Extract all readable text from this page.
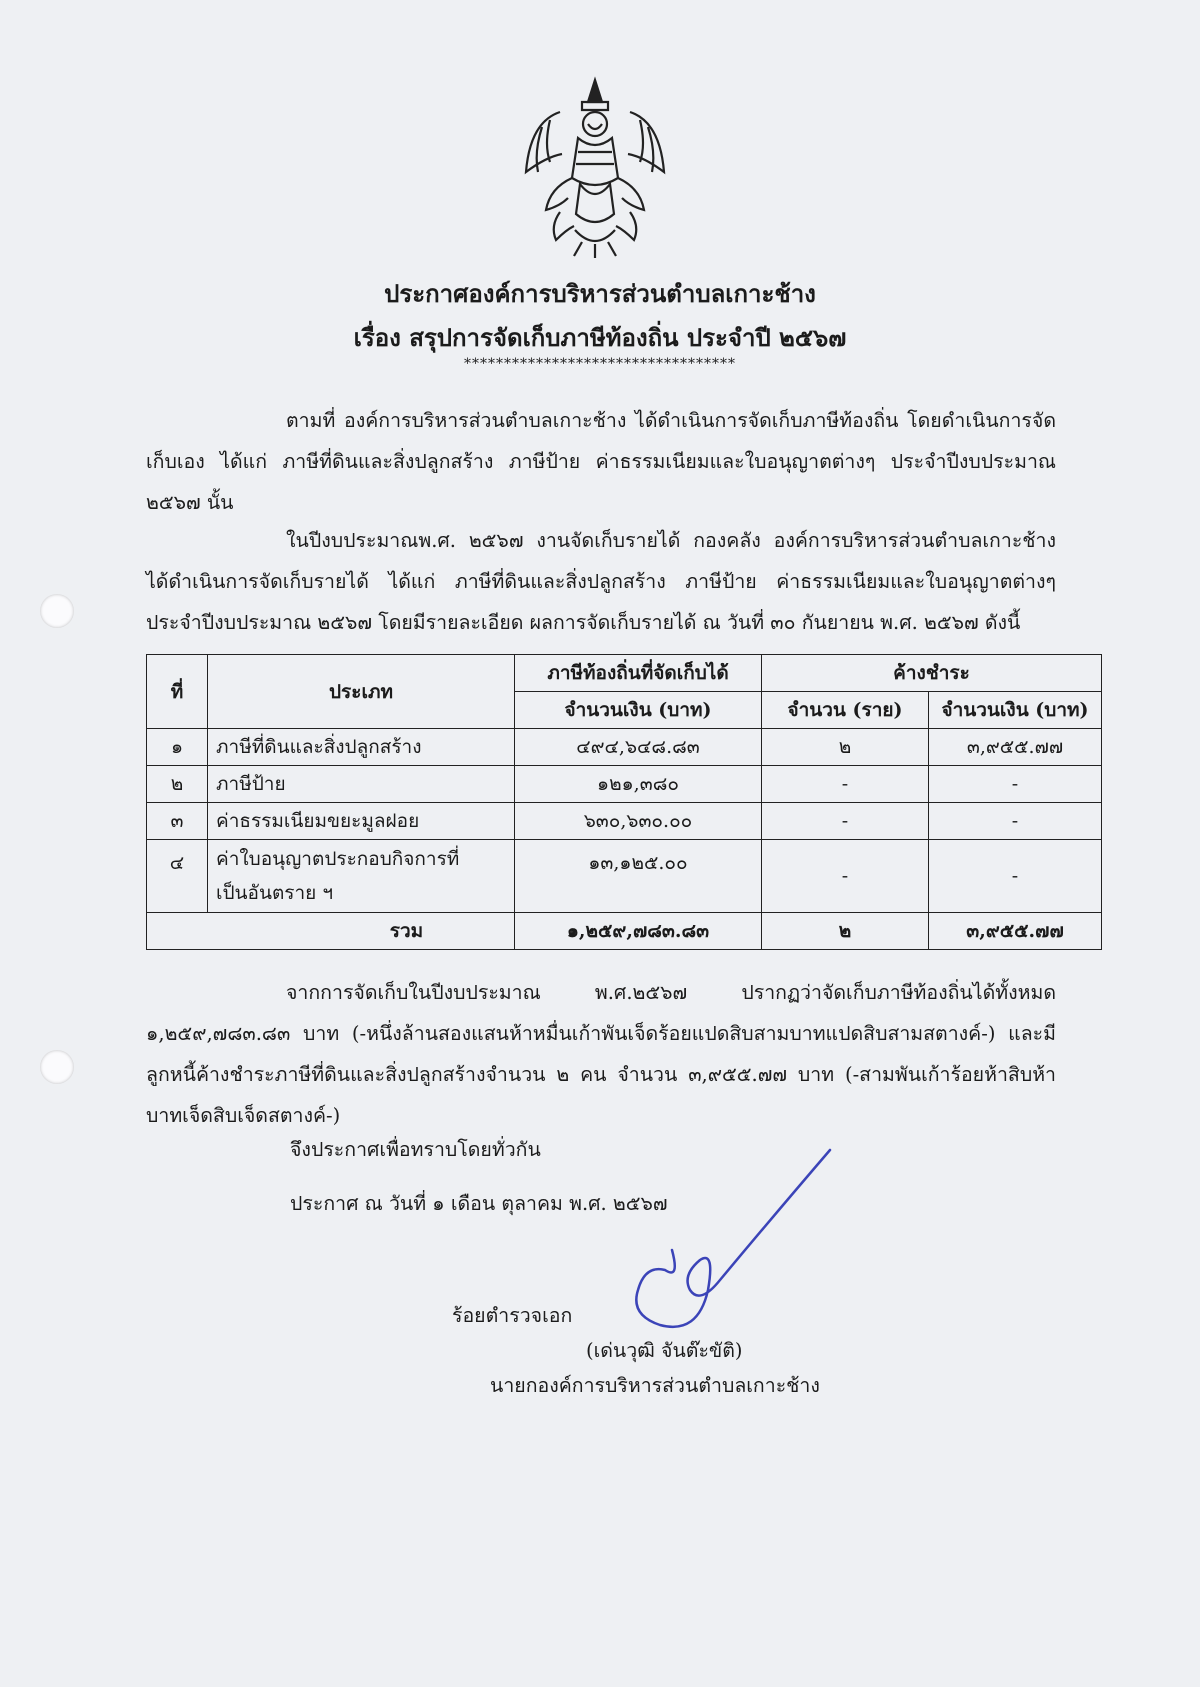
ประกาศองค์การบริหารส่วนตำบลเกาะช้าง
เรื่อง สรุปการจัดเก็บภาษีท้องถิ่น ประจำปี ๒๕๖๗
**********************************
ตามที่ องค์การบริหารส่วนตำบลเกาะช้าง ได้ดำเนินการจัดเก็บภาษีท้องถิ่น โดยดำเนินการจัดเก็บเอง ได้แก่ ภาษีที่ดินและสิ่งปลูกสร้าง ภาษีป้าย ค่าธรรมเนียมและใบอนุญาตต่างๆ ประจำปีงบประมาณ ๒๕๖๗ นั้น
ในปีงบประมาณพ.ศ. ๒๕๖๗ งานจัดเก็บรายได้ กองคลัง องค์การบริหารส่วนตำบลเกาะช้าง ได้ดำเนินการจัดเก็บรายได้ ได้แก่ ภาษีที่ดินและสิ่งปลูกสร้าง ภาษีป้าย ค่าธรรมเนียมและใบอนุญาตต่างๆ ประจำปีงบประมาณ ๒๕๖๗ โดยมีรายละเอียด ผลการจัดเก็บรายได้ ณ วันที่ ๓๐ กันยายน พ.ศ. ๒๕๖๗ ดังนี้
ที่	ประเภท	ภาษีท้องถิ่นที่จัดเก็บได้	ค้างชำระ	
		จำนวนเงิน (บาท)	จำนวน (ราย)	จำนวนเงิน (บาท)
๑	ภาษีที่ดินและสิ่งปลูกสร้าง	๔๙๔,๖๔๘.๘๓	๒	๓,๙๕๕.๗๗
๒	ภาษีป้าย	๑๒๑,๓๘๐	-	-
๓	ค่าธรรมเนียมขยะมูลฝอย	๖๓๐,๖๓๐.๐๐	-	-
๔	ค่าใบอนุญาตประกอบกิจการที่
เป็นอันตราย ฯ	๑๓,๑๒๕.๐๐	-	-
รวม		๑,๒๕๙,๗๘๓.๘๓	๒	๓,๙๕๕.๗๗
จากการจัดเก็บในปีงบประมาณ พ.ศ.๒๕๖๗ ปรากฏว่าจัดเก็บภาษีท้องถิ่นได้ทั้งหมด ๑,๒๕๙,๗๘๓.๘๓ บาท (-หนึ่งล้านสองแสนห้าหมื่นเก้าพันเจ็ดร้อยแปดสิบสามบาทแปดสิบสามสตางค์-) และมีลูกหนี้ค้างชำระภาษีที่ดินและสิ่งปลูกสร้างจำนวน ๒ คน จำนวน ๓,๙๕๕.๗๗ บาท (-สามพันเก้าร้อยห้าสิบห้าบาทเจ็ดสิบเจ็ดสตางค์-)
จึงประกาศเพื่อทราบโดยทั่วกัน
ประกาศ ณ วันที่ ๑ เดือน ตุลาคม พ.ศ. ๒๕๖๗
ร้อยตำรวจเอก
(เด่นวุฒิ จันต๊ะขัติ)
นายกองค์การบริหารส่วนตำบลเกาะช้าง
